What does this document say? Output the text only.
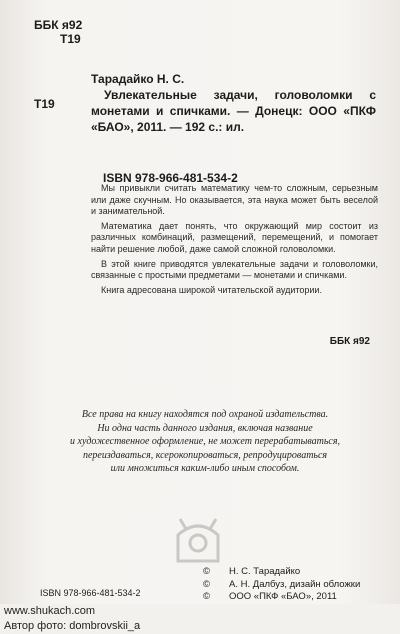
ББК я92
Т19
Т19
Тарадайко Н. С.
Увлекательные задачи, головоломки с монетами и спичками. — Донецк: ООО «ПКФ «БАО», 2011. — 192 с.: ил.
ISBN 978-966-481-534-2

Мы привыкли считать математику чем-то сложным, серьезным или даже скучным. Но оказывается, эта наука может быть веселой и занимательной.

Математика дает понять, что окружающий мир состоит из различных комбинаций, размещений, перемещений, и помогает найти решение любой, даже самой сложной головоломки.

В этой книге приводятся увлекательные задачи и головоломки, связанные с простыми предметами — монетами и спичками.

Книга адресована широкой читательской аудитории.

ББК я92
Все права на книгу находятся под охраной издательства.
Ни одна часть данного издания, включая название
и художественное оформление, не может перерабатываться,
переиздаваться, ксерокопироваться, репродуцироваться
или множиться каким-либо иным способом.
©	Н. С. Тарадайко
©	А. Н. Далбуз, дизайн обложки
©	ООО «ПКФ «БАО», 2011
ISBN 978-966-481-534-2
www.shukach.com
Автор фото: dombrovskii_a
